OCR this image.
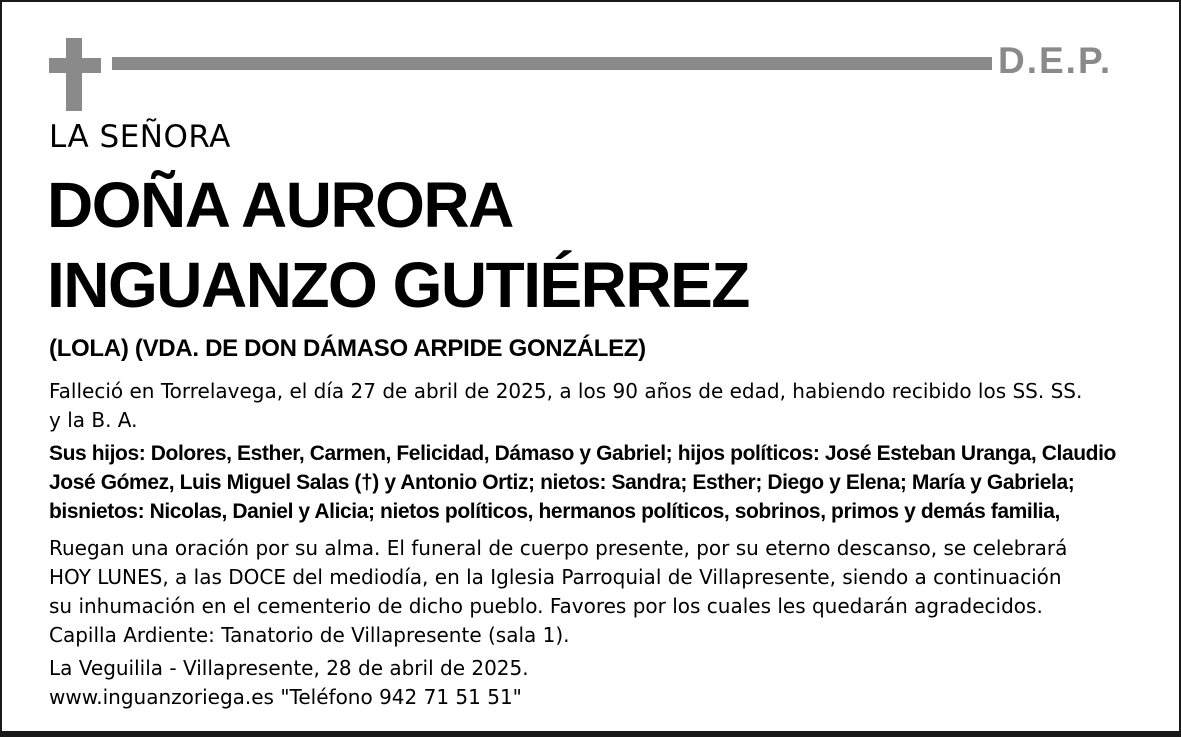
D.E.P.
LA SEÑORA
DOÑA AURORA
INGUANZO GUTIÉRREZ
(LOLA) (VDA. DE DON DÁMASO ARPIDE GONZÁLEZ)
Falleció en Torrelavega, el día 27 de abril de 2025, a los 90 años de edad, habiendo recibido los SS. SS.
y la B. A.
Sus hijos: Dolores, Esther, Carmen, Felicidad, Dámaso y Gabriel; hijos políticos: José Esteban Uranga, Claudio
José Gómez, Luis Miguel Salas (†) y Antonio Ortiz; nietos: Sandra; Esther; Diego y Elena; María y Gabriela;
bisnietos: Nicolas, Daniel y Alicia; nietos políticos, hermanos políticos, sobrinos, primos y demás familia,
Ruegan una oración por su alma. El funeral de cuerpo presente, por su eterno descanso, se celebrará
HOY LUNES, a las DOCE del mediodía, en la Iglesia Parroquial de Villapresente, siendo a continuación
su inhumación en el cementerio de dicho pueblo. Favores por los cuales les quedarán agradecidos.
Capilla Ardiente: Tanatorio de Villapresente (sala 1).
La Veguilila - Villapresente, 28 de abril de 2025.
www.inguanzoriega.es "Teléfono 942 71 51 51"
